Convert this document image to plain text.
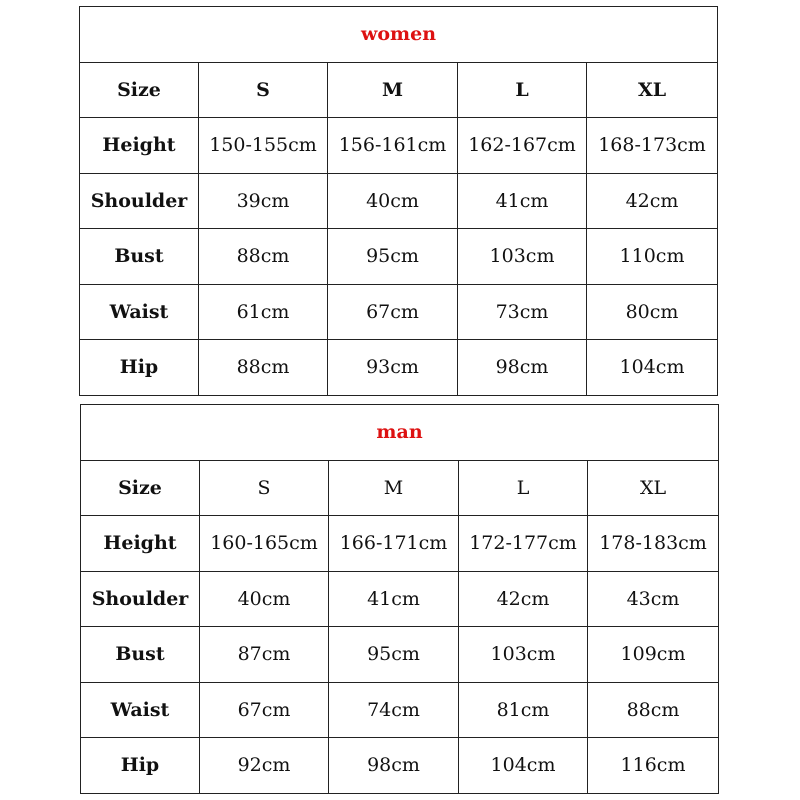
women				
Size	S	M	L	XL
Height	150-155cm	156-161cm	162-167cm	168-173cm
Shoulder	39cm	40cm	41cm	42cm
Bust	88cm	95cm	103cm	110cm
Waist	61cm	67cm	73cm	80cm
Hip	88cm	93cm	98cm	104cm
man				
Size	S	M	L	XL
Height	160-165cm	166-171cm	172-177cm	178-183cm
Shoulder	40cm	41cm	42cm	43cm
Bust	87cm	95cm	103cm	109cm
Waist	67cm	74cm	81cm	88cm
Hip	92cm	98cm	104cm	116cm
